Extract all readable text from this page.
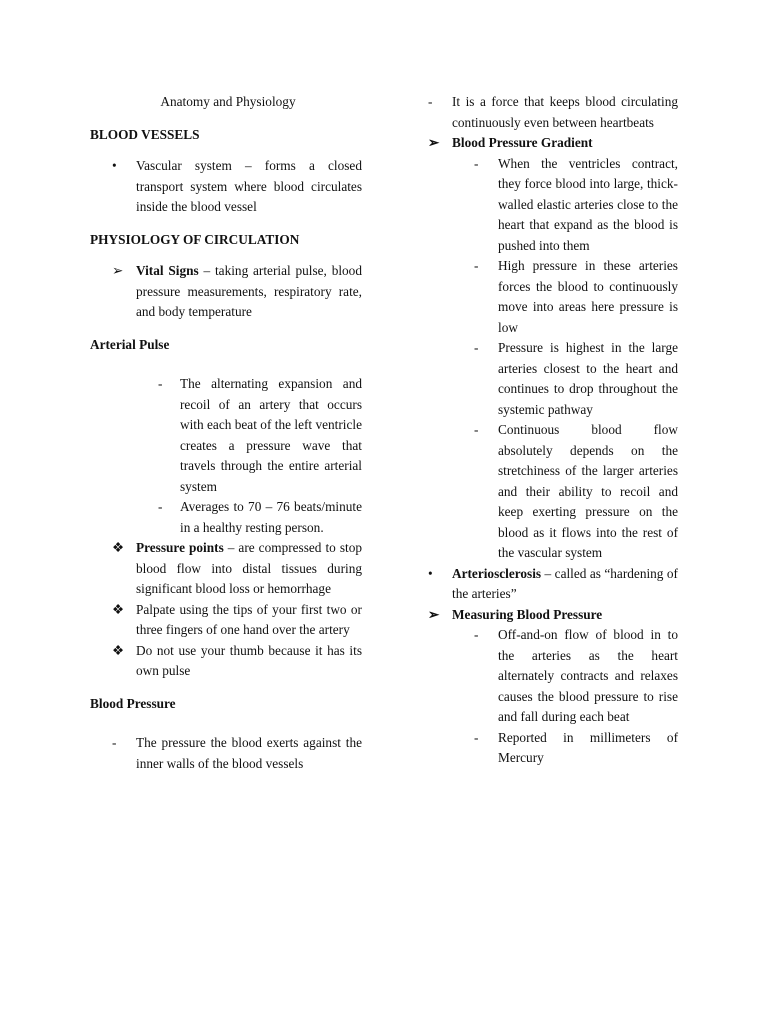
Anatomy and Physiology
BLOOD VESSELS
•	Vascular system – forms a closed transport system where blood circulates inside the blood vessel
PHYSIOLOGY OF CIRCULATION
➢ Vital Signs – taking arterial pulse, blood pressure measurements, respiratory rate, and body temperature
Arterial Pulse
-	The alternating expansion and recoil of an artery that occurs with each beat of the left ventricle creates a pressure wave that travels through the entire arterial system
-	Averages to 70 – 76 beats/minute in a healthy resting person.
❖ Pressure points – are compressed to stop blood flow into distal tissues during significant blood loss or hemorrhage
❖ Palpate using the tips of your first two or three fingers of one hand over the artery
❖ Do not use your thumb because it has its own pulse
Blood Pressure
-	The pressure the blood exerts against the inner walls of the blood vessels
-	It is a force that keeps blood circulating continuously even between heartbeats
➢ Blood Pressure Gradient
-	When the ventricles contract, they force blood into large, thick-walled elastic arteries close to the heart that expand as the blood is pushed into them
-	High pressure in these arteries forces the blood to continuously move into areas here pressure is low
-	Pressure is highest in the large arteries closest to the heart and continues to drop throughout the systemic pathway
-	Continuous blood flow absolutely depends on the stretchiness of the larger arteries and their ability to recoil and keep exerting pressure on the blood as it flows into the rest of the vascular system
•	Arteriosclerosis – called as “hardening of the arteries”
➢ Measuring Blood Pressure
-	Off-and-on flow of blood in to the arteries as the heart alternately contracts and relaxes causes the blood pressure to rise and fall during each beat
-	Reported in millimeters of Mercury
